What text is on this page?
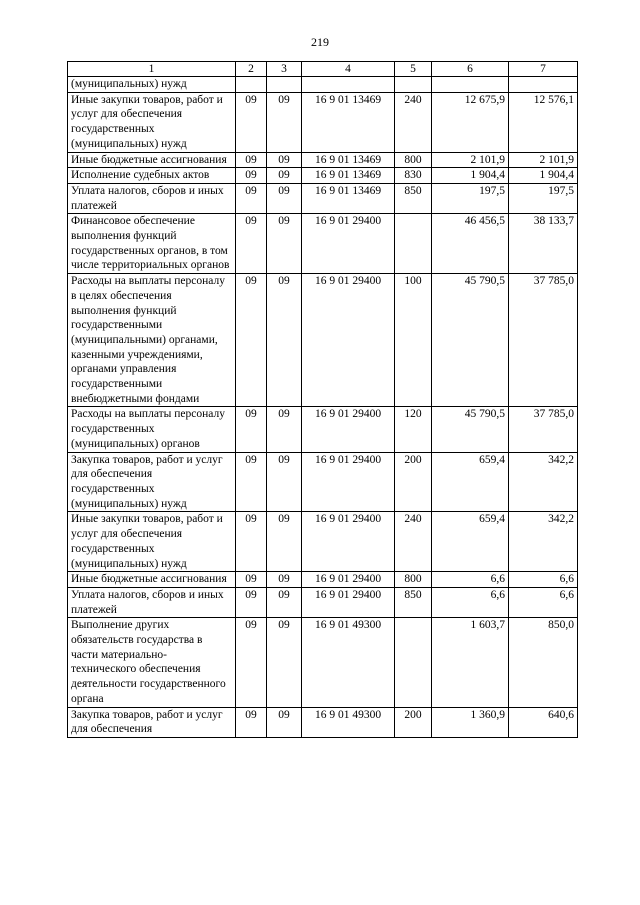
219
1	2	3	4	5	6	7
(муниципальных) нужд						
Иные закупки товаров, работ и услуг для обеспечения государственных (муниципальных) нужд	09	09	16 9 01 13469	240	12 675,9	12 576,1
Иные бюджетные ассигнования	09	09	16 9 01 13469	800	2 101,9	2 101,9
Исполнение судебных актов	09	09	16 9 01 13469	830	1 904,4	1 904,4
Уплата налогов, сборов и иных платежей	09	09	16 9 01 13469	850	197,5	197,5
Финансовое обеспечение выполнения функций государственных органов, в том числе территориальных органов	09	09	16 9 01 29400		46 456,5	38 133,7
Расходы на выплаты персоналу в целях обеспечения выполнения функций государственными (муниципальными) органами, казенными учреждениями, органами управления государственными внебюджетными фондами	09	09	16 9 01 29400	100	45 790,5	37 785,0
Расходы на выплаты персоналу государственных (муниципальных) органов	09	09	16 9 01 29400	120	45 790,5	37 785,0
Закупка товаров, работ и услуг для обеспечения государственных (муниципальных) нужд	09	09	16 9 01 29400	200	659,4	342,2
Иные закупки товаров, работ и услуг для обеспечения государственных (муниципальных) нужд	09	09	16 9 01 29400	240	659,4	342,2
Иные бюджетные ассигнования	09	09	16 9 01 29400	800	6,6	6,6
Уплата налогов, сборов и иных платежей	09	09	16 9 01 29400	850	6,6	6,6
Выполнение других обязательств государства в части материально-технического обеспечения деятельности государственного органа	09	09	16 9 01 49300		1 603,7	850,0
Закупка товаров, работ и услуг для обеспечения	09	09	16 9 01 49300	200	1 360,9	640,6
